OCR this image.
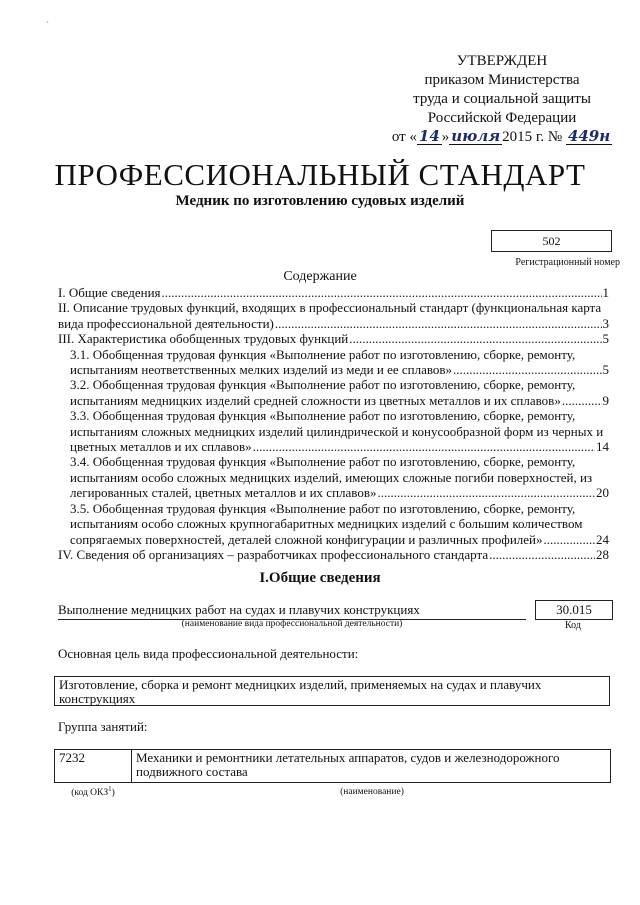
`
УТВЕРЖДЕН
приказом Министерства
труда и социальной защиты
Российской Федерации
от « 14 » июля 2015 г. № 449н
ПРОФЕССИОНАЛЬНЫЙ СТАНДАРТ
Медник по изготовлению судовых изделий
502
Регистрационный номер
Содержание
I. Общие сведения .....	1
II. Описание трудовых функций, входящих в профессиональный стандарт (функциональная карта
вида профессиональной деятельности) .....	3
III. Характеристика обобщенных трудовых функций .....	5
3.1. Обобщенная трудовая функция «Выполнение работ по изготовлению, сборке, ремонту,
испытаниям неответственных мелких изделий из меди и ее сплавов» .....	5
3.2. Обобщенная трудовая функция «Выполнение работ по изготовлению, сборке, ремонту,
испытаниям медницких изделий средней сложности из цветных металлов и их сплавов» .....	9
3.3. Обобщенная трудовая функция «Выполнение работ по изготовлению, сборке, ремонту,
испытаниям сложных медницких изделий цилиндрической и конусообразной форм из черных и
цветных металлов и их сплавов» .....	14
3.4. Обобщенная трудовая функция «Выполнение работ по изготовлению, сборке, ремонту,
испытаниям особо сложных медницких изделий, имеющих сложные погиби поверхностей, из
легированных сталей, цветных металлов и их сплавов» .....	20
3.5. Обобщенная трудовая функция «Выполнение работ по изготовлению, сборке, ремонту,
испытаниям особо сложных крупногабаритных медницких изделий с большим количеством
сопрягаемых поверхностей, деталей сложной конфигурации и различных профилей» .....	24
IV. Сведения об организациях – разработчиках профессионального стандарта .....	28
I.Общие сведения
Выполнение медницких работ на судах и плавучих конструкциях
(наименование вида профессиональной деятельности)
30.015
Код
Основная цель вида профессиональной деятельности:
Изготовление, сборка и ремонт медницких изделий, применяемых на судах и плавучих конструкциях
Группа занятий:
7232	Механики и ремонтники летательных аппаратов, судов и железнодорожного подвижного состава
(код ОКЗ$^1$)	(наименование)
